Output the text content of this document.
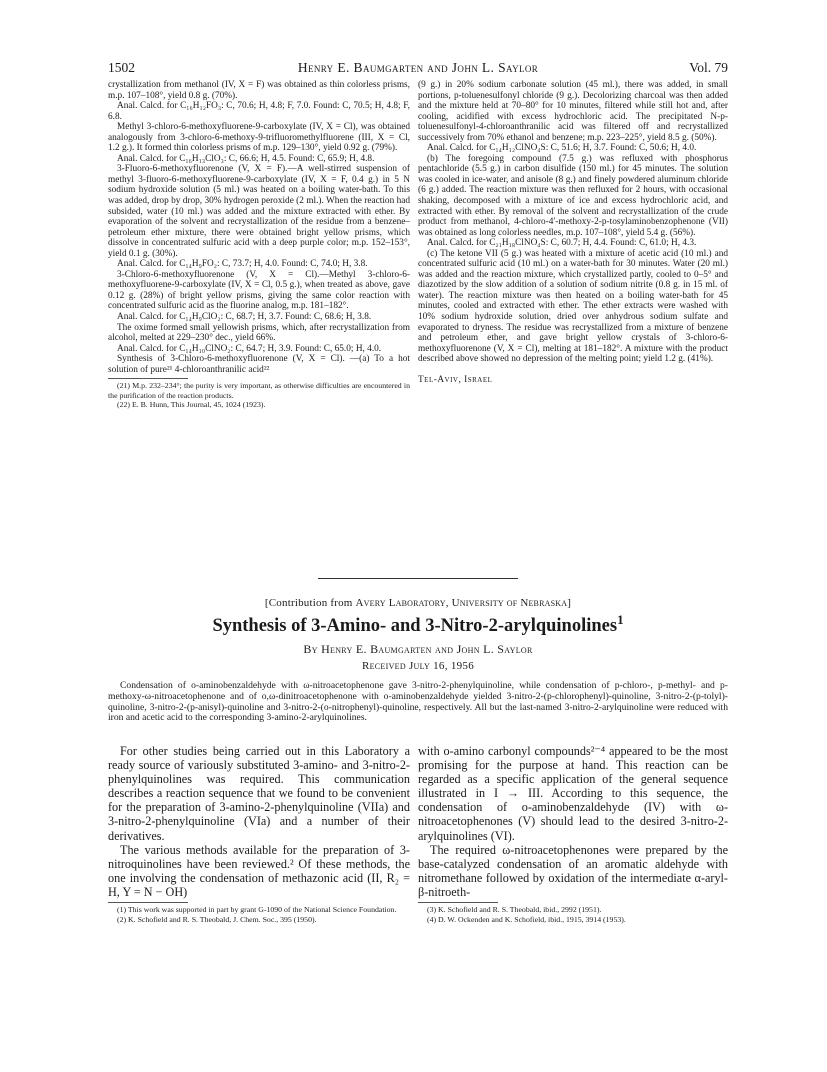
1502	Henry E. Baumgarten and John L. Saylor	Vol. 79

crystallization from methanol (IV, X = F) was obtained as thin colorless prisms, m.p. 107–108°, yield 0.8 g. (70%).

Anal. Calcd. for C₁₆H₁₂FO₃: C, 70.6; H, 4.8; F, 7.0. Found: C, 70.5; H, 4.8; F, 6.8.

Methyl 3-chloro-6-methoxyfluorene-9-carboxylate (IV, X = Cl), was obtained analogously from 3-chloro-6-methoxy-9-trifluoromethylfluorene (III, X = Cl, 1.2 g.). It formed thin colorless prisms of m.p. 129–130°, yield 0.92 g. (79%).

Anal. Calcd. for C₁₆H₁₃ClO₃: C, 66.6; H, 4.5. Found: C, 65.9; H, 4.8.

3-Fluoro-6-methoxyfluorenone (V, X = F).—A well-stirred suspension of methyl 3-fluoro-6-methoxyfluorene-9-carboxylate (IV, X = F, 0.4 g.) in 5 N sodium hydroxide solution (5 ml.) was heated on a boiling water-bath. To this was added, drop by drop, 30% hydrogen peroxide (2 ml.). When the reaction had subsided, water (10 ml.) was added and the mixture extracted with ether. By evaporation of the solvent and recrystallization of the residue from a benzene–petroleum ether mixture, there were obtained bright yellow prisms, which dissolve in concentrated sulfuric acid with a deep purple color; m.p. 152–153°, yield 0.1 g. (30%).

Anal. Calcd. for C₁₄H₉FO₂: C, 73.7; H, 4.0. Found: C, 74.0; H, 3.8.

3-Chloro-6-methoxyfluorenone (V, X = Cl).—Methyl 3-chloro-6-methoxyfluorene-9-carboxylate (IV, X = Cl, 0.5 g.), when treated as above, gave 0.12 g. (28%) of bright yellow prisms, giving the same color reaction with concentrated sulfuric acid as the fluorine analog, m.p. 181–182°.

Anal. Calcd. for C₁₄H₉ClO₂: C, 68.7; H, 3.7. Found: C, 68.6; H, 3.8.

The oxime formed small yellowish prisms, which, after recrystallization from alcohol, melted at 229–230° dec., yield 66%.

Anal. Calcd. for C₁₄H₁₀ClNO₂: C, 64.7; H, 3.9. Found: C, 65.0; H, 4.0.

Synthesis of 3-Chloro-6-methoxyfluorenone (V, X = Cl). —(a) To a hot solution of pure²¹ 4-chloroanthranilic acid²²

(21) M.p. 232–234°; the purity is very important, as otherwise difficulties are encountered in the purification of the reaction products.

(22) E. B. Hunn, This Journal, 45, 1024 (1923).

(9 g.) in 20% sodium carbonate solution (45 ml.), there was added, in small portions, p-toluenesulfonyl chloride (9 g.). Decolorizing charcoal was then added and the mixture held at 70–80° for 10 minutes, filtered while still hot and, after cooling, acidified with excess hydrochloric acid. The precipitated N-p-toluenesulfonyl-4-chloroanthranilic acid was filtered off and recrystallized successively from 70% ethanol and benzene; m.p. 223–225°, yield 8.5 g. (50%).

Anal. Calcd. for C₁₄H₁₂ClNO₄S: C, 51.6; H, 3.7. Found: C, 50.6; H, 4.0.

(b) The foregoing compound (7.5 g.) was refluxed with phosphorus pentachloride (5.5 g.) in carbon disulfide (150 ml.) for 45 minutes. The solution was cooled in ice-water, and anisole (8 g.) and finely powdered aluminum chloride (6 g.) added. The reaction mixture was then refluxed for 2 hours, with occasional shaking, decomposed with a mixture of ice and excess hydrochloric acid, and extracted with ether. By removal of the solvent and recrystallization of the crude product from methanol, 4-chloro-4′-methoxy-2-p-tosylaminobenzophenone (VII) was obtained as long colorless needles, m.p. 107–108°, yield 5.4 g. (56%).

Anal. Calcd. for C₂₁H₁₈ClNO₄S: C, 60.7; H, 4.4. Found: C, 61.0; H, 4.3.

(c) The ketone VII (5 g.) was heated with a mixture of acetic acid (10 ml.) and concentrated sulfuric acid (10 ml.) on a water-bath for 30 minutes. Water (20 ml.) was added and the reaction mixture, which crystallized partly, cooled to 0–5° and diazotized by the slow addition of a solution of sodium nitrite (0.8 g. in 15 ml. of water). The reaction mixture was then heated on a boiling water-bath for 45 minutes, cooled and extracted with ether. The ether extracts were washed with 10% sodium hydroxide solution, dried over anhydrous sodium sulfate and evaporated to dryness. The residue was recrystallized from a mixture of benzene and petroleum ether, and gave bright yellow crystals of 3-chloro-6-methoxyfluorenone (V, X = Cl), melting at 181–182°. A mixture with the product described above showed no depression of the melting point; yield 1.2 g. (41%).

Tel-Aviv, Israel

[Contribution from Avery Laboratory, University of Nebraska]
Synthesis of 3-Amino- and 3-Nitro-2-arylquinolines$^1$
By Henry E. Baumgarten and John L. Saylor
Received July 16, 1956
Condensation of o-aminobenzaldehyde with ω-nitroacetophenone gave 3-nitro-2-phenylquinoline, while condensation of p-chloro-, p-methyl- and p-methoxy-ω-nitroacetophenone and of o,ω-dinitroacetophenone with o-aminobenzaldehyde yielded 3-nitro-2-(p-chlorophenyl)-quinoline, 3-nitro-2-(p-tolyl)-quinoline, 3-nitro-2-(p-anisyl)-quinoline and 3-nitro-2-(o-nitrophenyl)-quinoline, respectively. All but the last-named 3-nitro-2-arylquinoline were reduced with iron and acetic acid to the corresponding 3-amino-2-arylquinolines.

For other studies being carried out in this Laboratory a ready source of variously substituted 3-amino- and 3-nitro-2-phenylquinolines was required. This communication describes a reaction sequence that we found to be convenient for the preparation of 3-amino-2-phenylquinoline (VIIa) and 3-nitro-2-phenylquinoline (VIa) and a number of their derivatives.

The various methods available for the preparation of 3-nitroquinolines have been reviewed.² Of these methods, the one involving the condensation of methazonic acid (II, R₂ = H, Y = N − OH)

(1) This work was supported in part by grant G-1090 of the National Science Foundation.

(2) K. Schofield and R. S. Theobald, J. Chem. Soc., 395 (1950).

with o-amino carbonyl compounds²⁻⁴ appeared to be the most promising for the purpose at hand. This reaction can be regarded as a specific application of the general sequence illustrated in I → III. According to this sequence, the condensation of o-aminobenzaldehyde (IV) with ω-nitroacetophenones (V) should lead to the desired 3-nitro-2-arylquinolines (VI).

The required ω-nitroacetophenones were prepared by the base-catalyzed condensation of an aromatic aldehyde with nitromethane followed by oxidation of the intermediate α-aryl-β-nitroeth-

(3) K. Schofield and R. S. Theobald, ibid., 2992 (1951).

(4) D. W. Ockenden and K. Schofield, ibid., 1915, 3914 (1953).
